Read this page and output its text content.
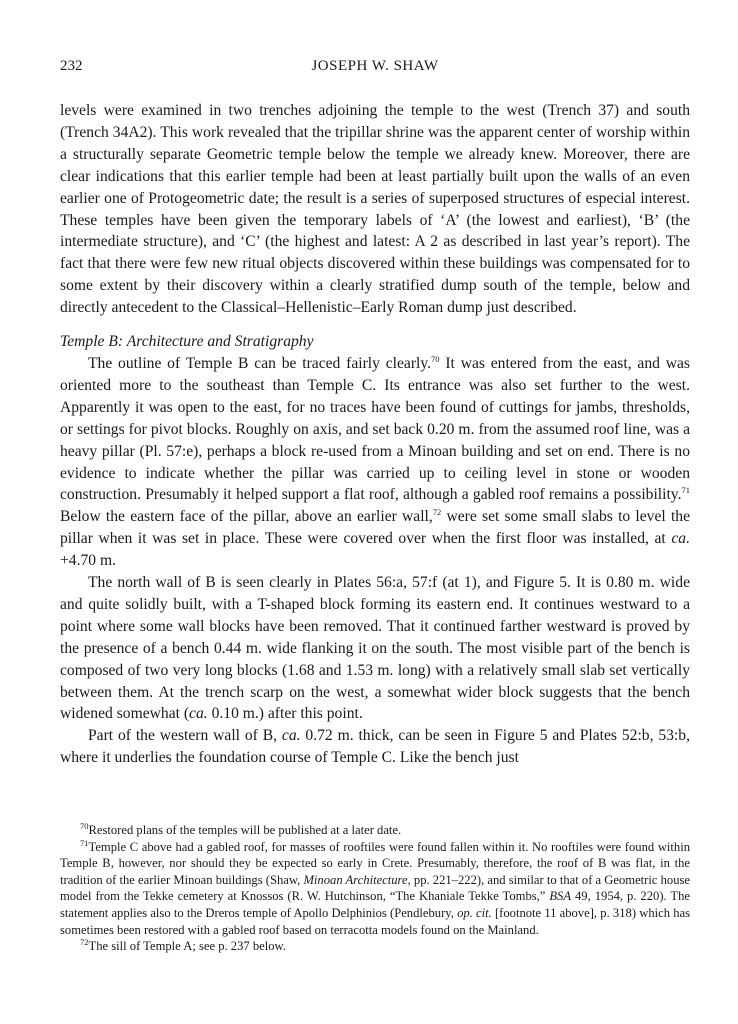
232	JOSEPH W. SHAW

levels were examined in two trenches adjoining the temple to the west (Trench 37) and south (Trench 34A2). This work revealed that the tripillar shrine was the apparent center of worship within a structurally separate Geometric temple below the temple we already knew. Moreover, there are clear indications that this earlier temple had been at least partially built upon the walls of an even earlier one of Protogeometric date; the result is a series of superposed structures of especial interest. These temples have been given the temporary labels of ‘A’ (the lowest and earliest), ‘B’ (the intermediate structure), and ‘C’ (the highest and latest: A 2 as described in last year’s report). The fact that there were few new ritual objects discovered within these buildings was compensated for to some extent by their discovery within a clearly stratified dump south of the temple, below and directly antecedent to the Classical–Hellenistic–Early Roman dump just described.

Temple B: Architecture and Stratigraphy

The outline of Temple B can be traced fairly clearly.$^{70}$ It was entered from the east, and was oriented more to the southeast than Temple C. Its entrance was also set further to the west. Apparently it was open to the east, for no traces have been found of cuttings for jambs, thresholds, or settings for pivot blocks. Roughly on axis, and set back 0.20 m. from the assumed roof line, was a heavy pillar (Pl. 57:e), perhaps a block re-used from a Minoan building and set on end. There is no evidence to indicate whether the pillar was carried up to ceiling level in stone or wooden construction. Presumably it helped support a flat roof, although a gabled roof remains a possibility.$^{71}$ Below the eastern face of the pillar, above an earlier wall,$^{72}$ were set some small slabs to level the pillar when it was set in place. These were covered over when the first floor was installed, at ca. +4.70 m.

The north wall of B is seen clearly in Plates 56:a, 57:f (at 1), and Figure 5. It is 0.80 m. wide and quite solidly built, with a T-shaped block forming its eastern end. It continues westward to a point where some wall blocks have been removed. That it continued farther westward is proved by the presence of a bench 0.44 m. wide flanking it on the south. The most visible part of the bench is composed of two very long blocks (1.68 and 1.53 m. long) with a relatively small slab set vertically between them. At the trench scarp on the west, a somewhat wider block suggests that the bench widened somewhat (ca. 0.10 m.) after this point.

Part of the western wall of B, ca. 0.72 m. thick, can be seen in Figure 5 and Plates 52:b, 53:b, where it underlies the foundation course of Temple C. Like the bench just

$^{70}$Restored plans of the temples will be published at a later date.

$^{71}$Temple C above had a gabled roof, for masses of rooftiles were found fallen within it. No rooftiles were found within Temple B, however, nor should they be expected so early in Crete. Presumably, therefore, the roof of B was flat, in the tradition of the earlier Minoan buildings (Shaw, Minoan Architecture, pp. 221–222), and similar to that of a Geometric house model from the Tekke cemetery at Knossos (R. W. Hutchinson, “The Khaniale Tekke Tombs,” BSA 49, 1954, p. 220). The statement applies also to the Dreros temple of Apollo Delphinios (Pendlebury, op. cit. [footnote 11 above], p. 318) which has sometimes been restored with a gabled roof based on terracotta models found on the Mainland.

$^{72}$The sill of Temple A; see p. 237 below.
